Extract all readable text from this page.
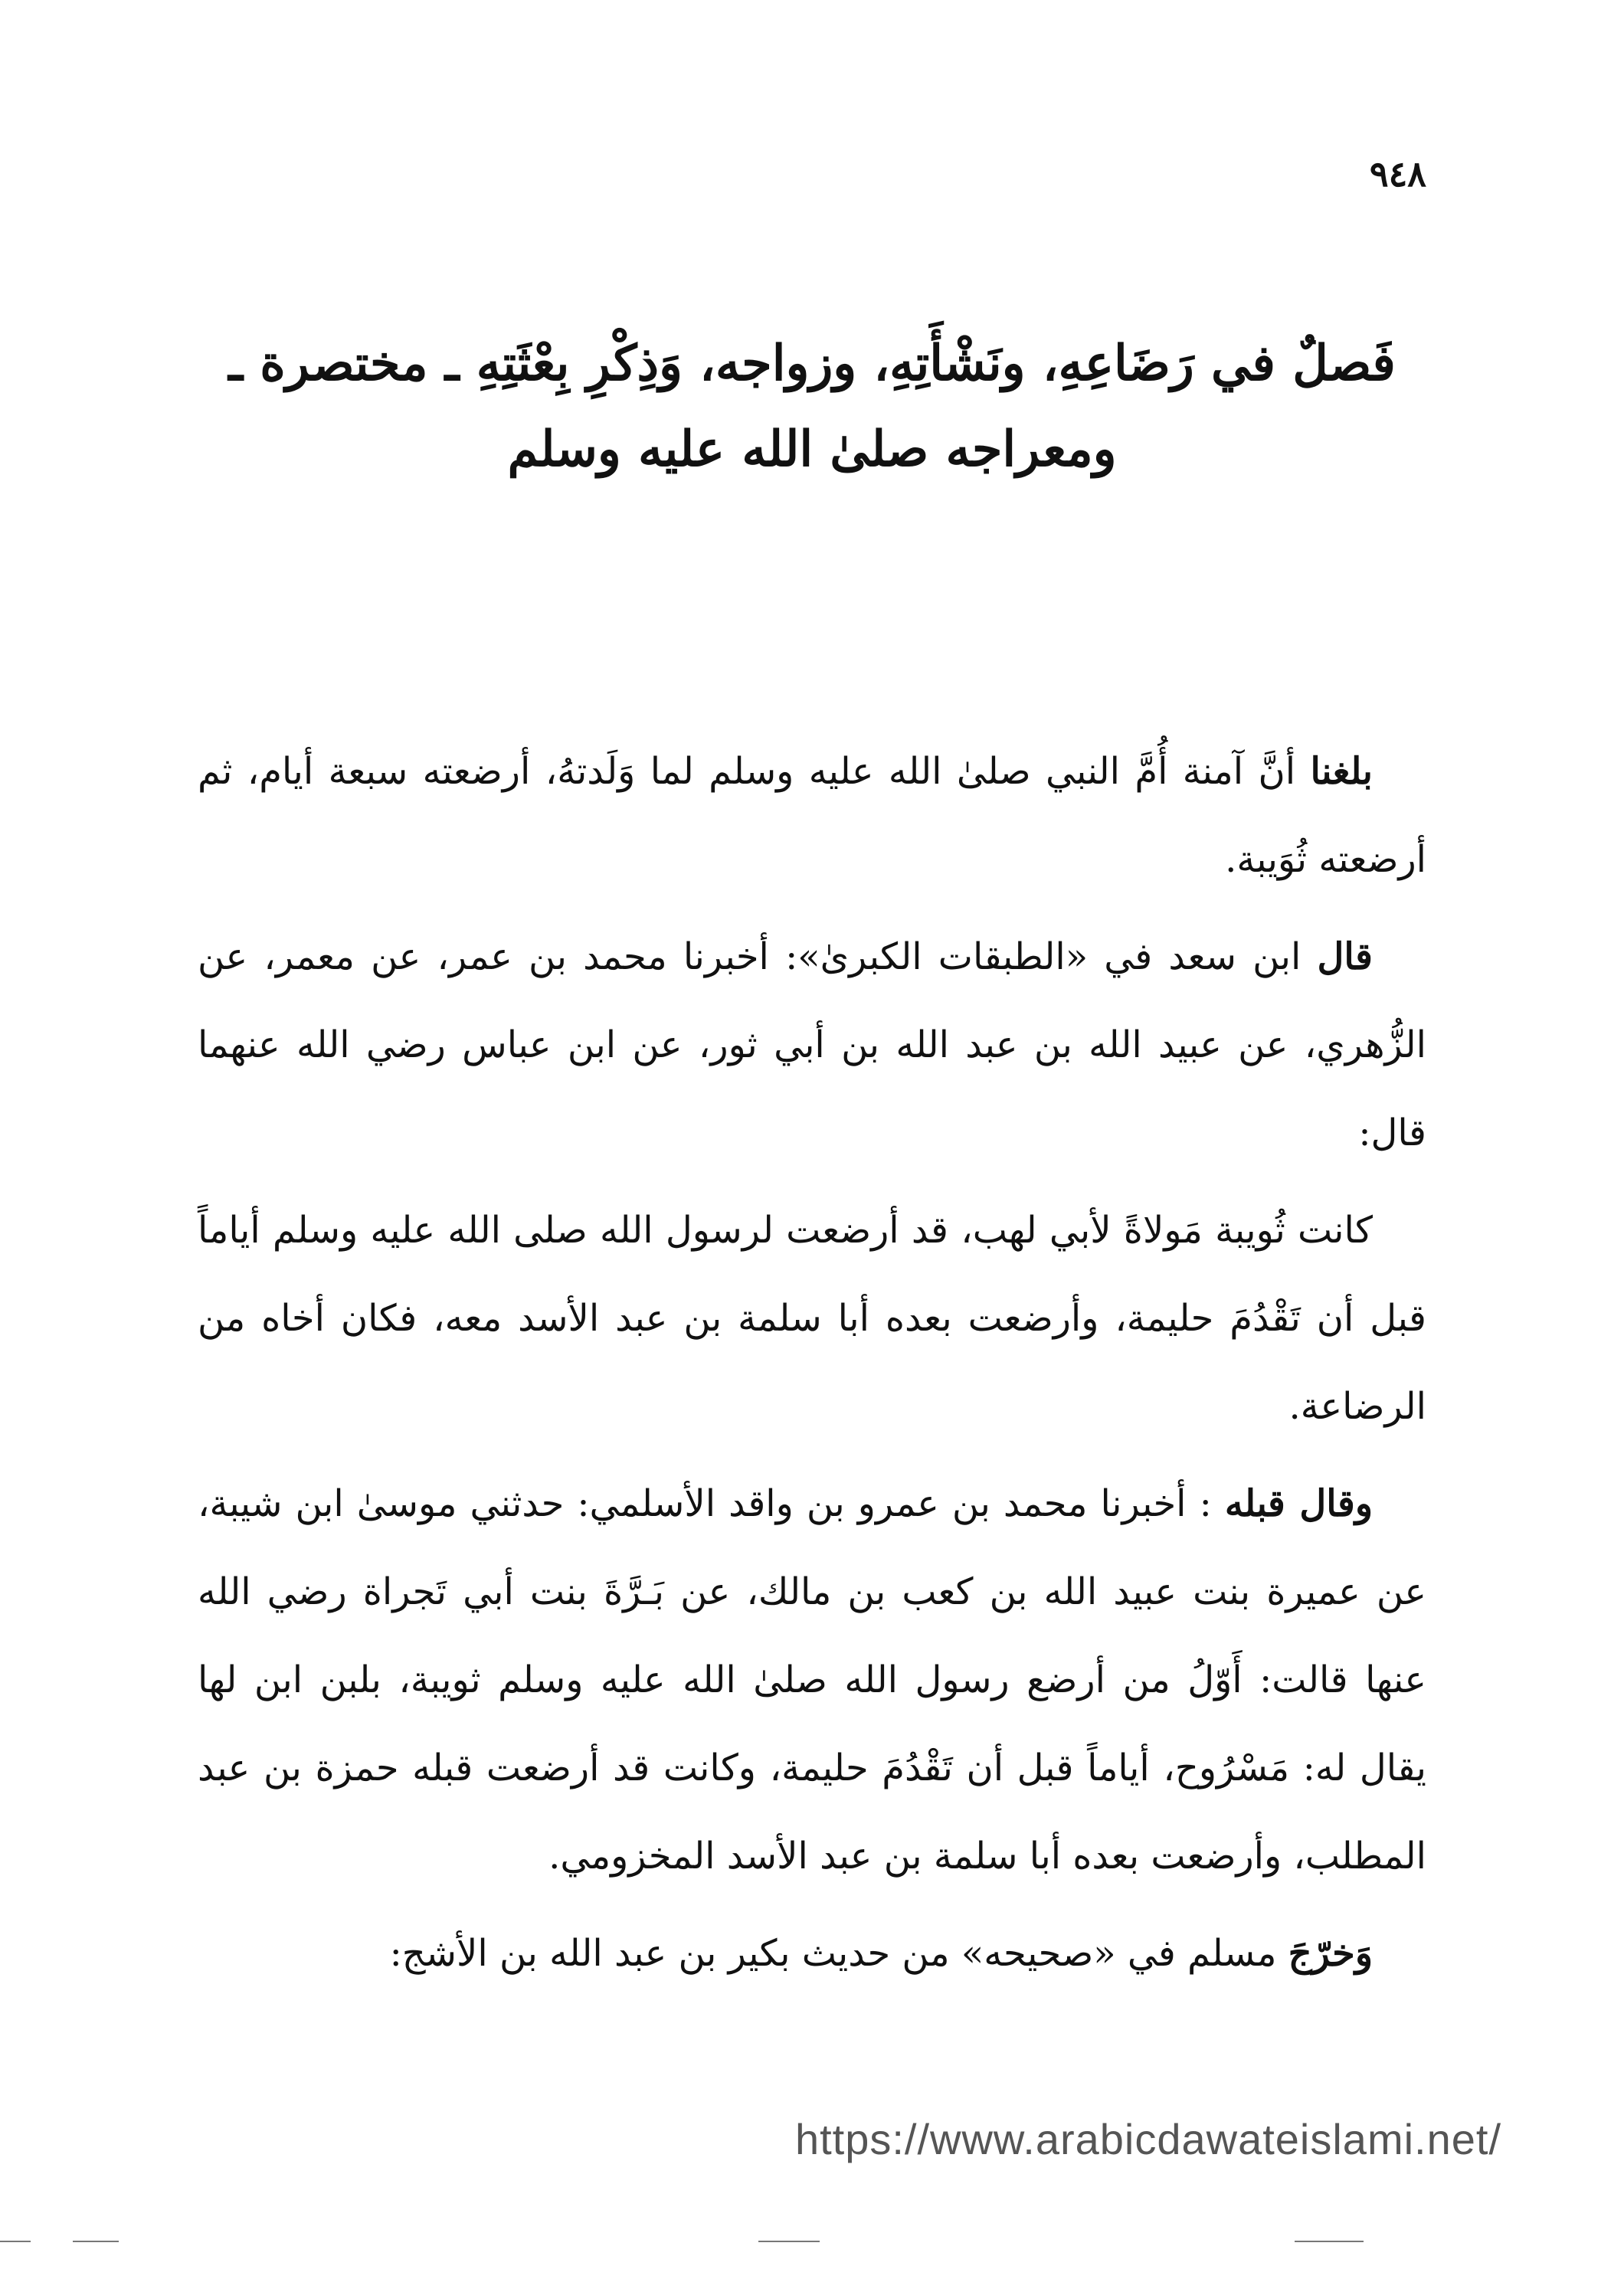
٩٤٨

فَصلٌ في رَضَاعِهِ، ونَشْأَتِهِ، وزواجه، وَذِكْرِ بِعْثَتِهِ ـ مختصرة ـ

ومعراجه صلىٰ الله عليه وسلم

بلغنا أنَّ آمنة أُمَّ النبي صلىٰ الله عليه وسلم لما وَلَدتهُ، أرضعته سبعة أيام، ثم أرضعته ثُوَيبة.

قال ابن سعد في «الطبقات الكبرىٰ»: أخبرنا محمد بن عمر، عن معمر، عن الزُّهري، عن عبيد الله بن عبد الله بن أبي ثور، عن ابن عباس رضي الله عنهما قال:

كانت ثُويبة مَولاةً لأبي لهب، قد أرضعت لرسول الله صلى الله عليه وسلم أياماً قبل أن تَقْدُمَ حليمة، وأرضعت بعده أبا سلمة بن عبد الأسد معه، فكان أخاه من الرضاعة.

وقال قبله : أخبرنا محمد بن عمرو بن واقد الأسلمي: حدثني موسىٰ ابن شيبة، عن عميرة بنت عبيد الله بن كعب بن مالك، عن بَـرَّةَ بنت أبي تَجراة رضي الله عنها قالت: أَوّلُ من أرضع رسول الله صلىٰ الله عليه وسلم ثويبة، بلبن ابن لها يقال له: مَسْرُوح، أياماً قبل أن تَقْدُمَ حليمة، وكانت قد أرضعت قبله حمزة بن عبد المطلب، وأرضعت بعده أبا سلمة بن عبد الأسد المخزومي.

وَخرّجَ مسلم في «صحيحه» من حديث بكير بن عبد الله بن الأشج:

https://www.arabicdawateislami.net/
